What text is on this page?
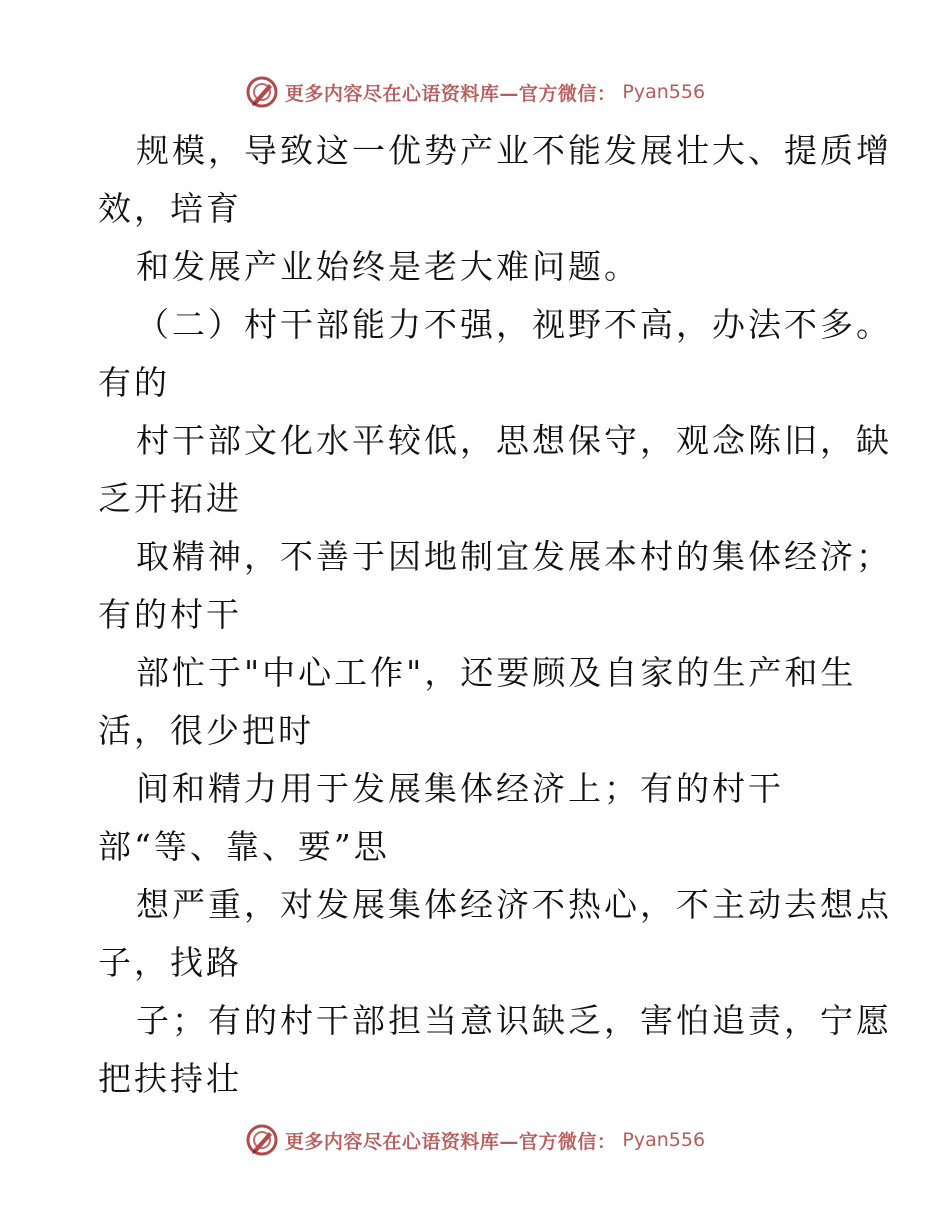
更多内容尽在心语资料库—官方微信： Pyan556
规模，导致这一优势产业不能发展壮大、提质增
效，培育
和发展产业始终是老大难问题。
（二）村干部能力不强，视野不高，办法不多。
有的
村干部文化水平较低，思想保守，观念陈旧，缺
乏开拓进
取精神，不善于因地制宜发展本村的集体经济；
有的村干
部忙于"中心工作"，还要顾及自家的生产和生
活，很少把时
间和精力用于发展集体经济上；有的村干
部“等、靠、要”思
想严重，对发展集体经济不热心，不主动去想点
子，找路
子；有的村干部担当意识缺乏，害怕追责，宁愿
把扶持壮
更多内容尽在心语资料库—官方微信： Pyan556
